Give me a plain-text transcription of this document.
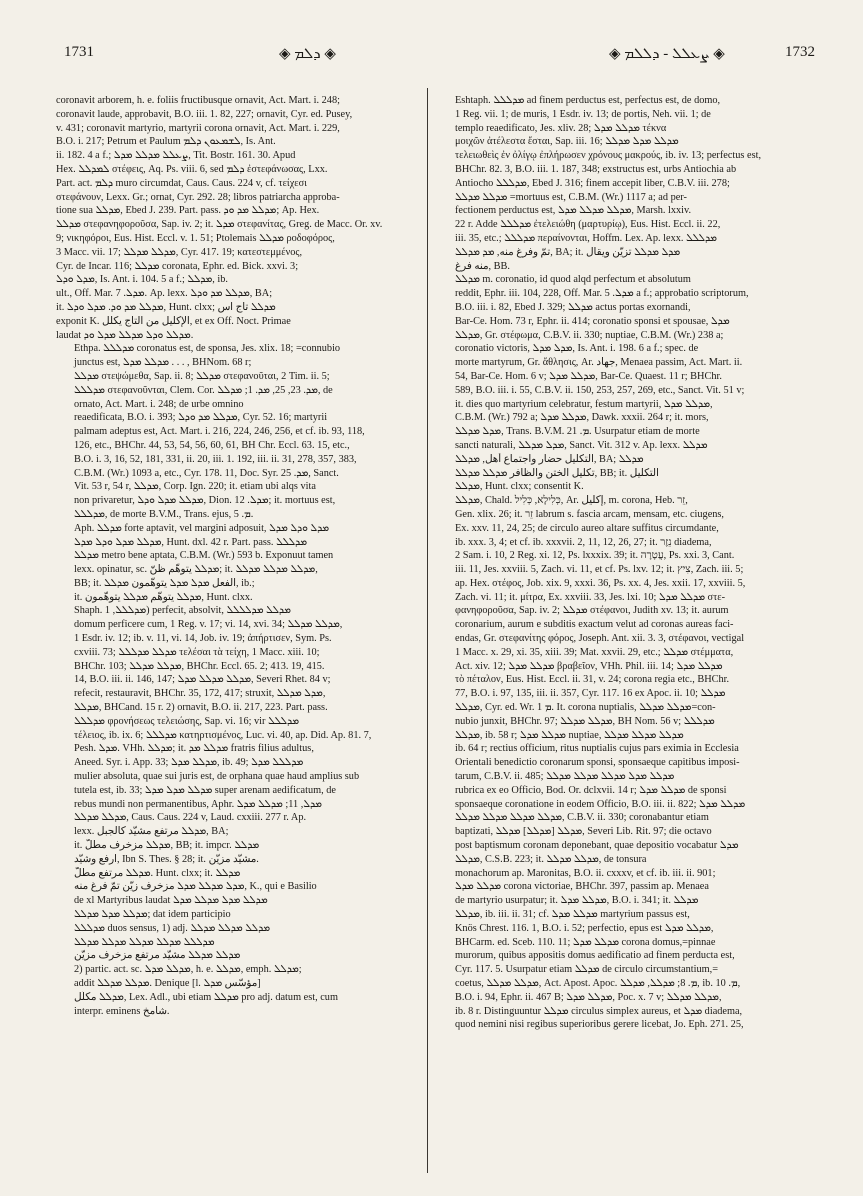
1731	◈ ܕܠܡ ◈	◈ ܨܥܠܠ - ܕܠܠܡ ◈	1732
coronavit arborem, h. e. foliis fructibusque ornavit, Act. Mart. i. 248;
coronavit laude, approbavit, B.O. iii. 1. 82, 227; ornavit, Cyr. ed. Pusey,
v. 431; coronavit martyrio, martyrii corona ornavit, Act. Mart. i. 229,
B.O. i. 217; Petrum et Paulum ܠܫܡܥܘܢ ܕܠܡ, Is. Ant.
ii. 182. 4 a f.; ܨܥܠܠ ܡܕܠܠ ܡܕܠ, Tit. Bostr. 161. 30. Apud
Hex. ܠܡܕܠܠ στέφεις, Aq. Ps. viii. 6, sed ܕܠܡ ἐστεφάνωσας, Lxx.
Part. act. ܕܠܡ muro circumdat, Caus. Caus. 224 v, cf. τείχεσι
στεφάνουν, Lexx. Gr.; ornat, Cyr. 292. 28; libros patriarcha approba-
tione sua ܡܕܠܠ, Ebed J. 239. Part. pass. ܡܕܠܠ ܡܕ ܘܕ; Ap. Hex.
ܡܕܠܠ στεφανηφοροῦσα, Sap. iv. 2; it. ܡܕܠ στεφανίτας, Greg. de Macc. Or. xv.
9; νικηφόροι, Eus. Hist. Eccl. v. 1. 51; Ptolemais ܡܕܠܠ ροδοφόρος,
3 Macc. vii. 17; ܡܕܠܠ ܡܕܠܠ, Cyr. 417. 19; κατεστεμμένος,
Cyr. de Incar. 116; ܡܕܠܠ coronata, Ephr. ed. Bick. xxvi. 3;
ܡܕܠ ܘܕܠ, Is. Ant. i. 104. 5 a f.; ܡܕܠܠ, ib.
ult., Off. Mar. ܡܕܠ. 7. Ap. lexx. ܡܕܠܠ ܡܕ ܘܕܠ, BA;
it. ܡܕܠܠ ܡܕ ܘܕ. ܡܕܠ ܘܕܠ, Hunt. clxx; ܡܕܠܠ تاج اس
exponit K. الإكليل من التاج يكلل, et ex Off. Noct. Primae
laudat ܡܕܠܠ ܘܕܠ ܡܕܠܠ ܡܕܠ ܘܕ.
Ethpa. ܡܕܠܠܠ coronatus est, de sponsa, Jes. xlix. 18; =connubio
junctus est, ܡܕܠܠ ܡܕܠ . . . , BHNom. 68 r;
ܡܕܠܠ στεψώμεθα, Sap. ii. 8; ܡܕܠܠ στεφανοῦται, 2 Tim. ii. 5;
ܡܕܠܠܠ στεφανοῦνται, Clem. Cor. ܡܕ. 23, 25, ܡܕ. 1; ܡܕܠܠ, de
ornato, Act. Mart. i. 248; de urbe omnino
reaedificata, B.O. i. 393; ܡܕܠܠ ܡܕ ܘܕܠ, Cyr. 52. 16; martyrii
palmam adeptus est, Act. Mart. i. 216, 224, 246, 256, et cf. ib. 93, 118,
126, etc., BHChr. 44, 53, 54, 56, 60, 61, BH Chr. Eccl. 63. 15, etc.,
B.O. i. 3, 16, 52, 181, 331, ii. 20, iii. 1. 192, iii. ii. 31, 278, 357, 383,
C.B.M. (Wr.) 1093 a, etc., Cyr. 178. 11, Doc. Syr. ܡܕ. 25, Sanct.
Vit. 53 r, 54 r, ܡܕܠܠ, Corp. Ign. 220; it. etiam ubi alqs vita
non privaretur, ܡܕܠܠ ܡܕܠ ܘܕܠ, Dion. ܡܕܠ. 12; it. mortuus est,
ܡܕܠܠܠ, de morte B.V.M., Trans. ejus, ܡ. 5.
Aph. ܡܕܠܠ forte aptavit, vel margini adposuit, ܡܕܠ ܘܕܠ ܡܕܠ
ܡܕܠܠ ܡܕܠ ܘܕܠ ܡܕܠ, Hunt. dxl. 42 r. Part. pass. ܡܕܠܠܠ
ܡܕܠܠ metro bene aptata, C.B.M. (Wr.) 593 b. Exponuut tamen
lexx. opinatur, sc. ܡܕܠܠ يتوهّم ظنّ; it. ܡܕܠܠ ܡܕܠܠ ܡܕܠܠ,
BB; it. الفعل ܡܕܠ ܡܕܠ يتوهّمون ܡܕܠܠ, ib.;
it. ܡܕܠܠ يتوهّم ܡܕܠܠ يتوهّمون, Hunt. clxx.
Shaph. ܡܕܠܠܠ, 1) perfecit, absolvit, ܡܕܠܠ ܡܕܠܠܠܠ
domum perficere cum, 1 Reg. v. 17; vi. 14, xvi. 34; ܡܕܠܠ ܡܕܠܠ,
1 Esdr. iv. 12; ib. v. 11, vi. 14, Job. iv. 19; ἀπήρτισεν, Sym. Ps.
cxviii. 73; ܡܕܠܠ ܡܕܠܠܠ τελέσαι τὰ τείχη, 1 Macc. xiii. 10;
BHChr. 103; ܡܕܠܠ ܡܕܠܠ, BHChr. Eccl. 65. 2; 413. 19, 415.
14, B.O. iii. ii. 146, 147; ܡܕܠܠ ܡܕܠܠ ܡܕܠ, Severi Rhet. 84 v;
refecit, restauravit, BHChr. 35, 172, 417; struxit, ܡܕܠ ܡܕܠܠ,
ܡܕܠܠ, BHCand. 15 r. 2) ornavit, B.O. ii. 217, 223. Part. pass.
ܡܕܠܠܠ φρονήσεως τελειώσης, Sap. vi. 16; vir ܡܕܠܠܠ
τέλειος, ib. ix. 6; ܡܕܠܠܠ κατηρτισμένος, Luc. vi. 40, ap. Did. Ap. 81. 7,
Pesh. ܡܕܠ. VHh. ܡܕܠܠ; it. ܡܕܠܠ ܡܕ fratris filius adultus,
Aneed. Syr. i. App. 33; ܡܕܠܠ ܡܕܠ, ib. 49; ܡܕܠܠܠ ܡܕܠ
mulier absoluta, quae sui juris est, de orphana quae haud amplius sub
tutela est, ib. 33; ܡܕܠܠ ܡܕܠ ܡܕܠ super arenam aedificatum, de
rebus mundi non permanentibus, Aphr. ܡܕܠ, 11; ܡܕܠܠ ܡܕܠ
ܡܕܠܠ ܡܕܠܠ, Caus. Caus. 224 v, Laud. cxxiii. 277 r. Ap.
lexx. ܡܕܠܠ مرتفع مشيّد كالجبل, BA;
it. ܡܕܠܠ مزخرف مطلّ, BB; it. impcr. ܡܕܠܠ
ارفع وشيّد, Ibn S. Thes. § 28; it. مشيّد مزيّن.
ܡܕܠܠ مرتفع مطلّ. Hunt. clxx; it. ܡܕܠܠ
ܡܕܠ ܡܕܠܠ ܡܕܠ مزخرف زيّن تمّ فرغ منه, K., qui e Basilio
de xl Martyribus laudat ܡܕܠܠ ܡܕܠ ܡܕܠܠ ܡܕܠ
ܡܕܠܠ ܡܕܠ ܡܕܠܠ; dat idem participio
ܡܕܠܠܠ duos sensus, 1) adj. ܡܕܠܠ ܡܕܠܠ ܡܕܠܠ
ܡܕܠܠܠ ܡܕܠܠ ܡܕܠܠ ܡܕܠܠ ܡܕܠܠ
ܡܕܠܠ ܡܕܠܠ مشيّد مرتفع مزخرف مزيّن
2) partic. act. sc. ܡܕܠܠ ܡܕܠ, h. e. ܡܕܠܠ, emph. ܡܕܠܠ;
addit ܡܕܠܠ ܡܕܠܠ. Denique [l. مؤسّس ܡܕܠ]
ܡܕܠܠ مكلّل, Lex. Adl., ubi etiam ܡܕܠܠ pro adj. datum est, cum
interpr. eminens شامخ.
Eshtaph. ܡܕܠܠܠ ad finem perductus est, perfectus est, de domo,
1 Reg. vii. 1; de muris, 1 Esdr. iv. 13; de portis, Neh. vii. 1; de
templo reaedificato, Jes. xliv. 28; ܡܕܠܠ ܡܕܠ τέκνα
μοιχῶν ἀτέλεστα ἔσται, Sap. iii. 16; ܡܕܠܠ ܡܕܠ ܡܕܠܠ
τελειωθεὶς ἐν ὀλίγῳ ἐπλήρωσεν χρόνους μακρούς, ib. iv. 13; perfectus est,
BHChr. 82. 3, B.O. iii. 1. 187, 348; exstructus est, urbs Antiochia ab
Antiocho ܡܕܠܠܠ, Ebed J. 316; finem accepit liber, C.B.V. iii. 278;
ܡܕܠܠ ܡܕܠܠ =mortuus est, C.B.M. (Wr.) 1117 a; ad per-
fectionem perductus est, ܡܕܠܠ ܡܕܠܠ ܡܕܠ, Marsh. lxxiv.
22 r. Adde ܡܕܠܠܠ ἐτελειώθη (μαρτυρίῳ), Eus. Hist. Eccl. ii. 22,
iii. 35, etc.; ܡܕܠܠܠ περαίνονται, Hoffm. Lex. Ap. lexx. ܡܕܠܠܠ
تمّ وفرغ منه, ܡܕ ܡܕܠܠ, BA; it. ܡܕܠ ܡܕܠܠ تزيّن ويقال
منه فرغ, BB.
ܡܕܠܠ m. coronatio, id quod alqd perfectum et absolutum
reddit, Ephr. iii. 104, 228, Off. Mar. ܡܕܠ. 5 a f.; approbatio scriptorum,
B.O. iii. i. 82, Ebed J. 329; ܡܕܠܠ actus portas exornandi,
Bar-Ce. Hom. 73 r, Ephr. ii. 414; coronatio sponsi et spousae, ܡܕܠ
ܡܕܠܠ, Gr. στέφωμα, C.B.V. ii. 330; nuptiae, C.B.M. (Wr.) 238 a;
coronatio victoris, ܡܕܠ ܡܕܠ, Is. Ant. i. 198. 6 a f.; spec. de
morte martyrum, Gr. ἄθλησις, Ar. جهاد, Menaea passim, Act. Mart. ii.
54, Bar-Ce. Hom. 6 v; ܡܕܠܠ ܡܕܠ, Bar-Ce. Quaest. 11 r; BHChr.
589, B.O. iii. i. 55, C.B.V. ii. 150, 253, 257, 269, etc., Sanct. Vit. 51 v;
it. dies quo martyrium celebratur, festum martyrii, ܡܕܠܠ ܡܕܠ,
C.B.M. (Wr.) 792 a; ܡܕܠܠ ܡܕܠ, Dawk. xxxii. 264 r; it. mors,
ܡܕܠ ܡܕܠܠ, Trans. B.V.M. ܡ. 21. Usurpatur etiam de morte
sancti naturali, ܡܕܠ ܡܕܠܠ, Sanct. Vit. 312 v. Ap. lexx. ܡܕܠܠ
التكليل حضار واجتماع أهل, ܡܕܠܠ, BA; ܡܕܠܠ
تكليل الختن والظافر ܡܕܠܠ ܡܕܠܠ, BB; it. التكليل
ܡܕܠܠ, Hunt. clxx; consentit K.
ܡܕܠܠ, Chald. כְּלִילָא, כְּלִיל, Ar. إكليل, m. corona, Heb. זֵר,
Gen. xlix. 26; it. זֵר labrum s. fascia arcam, mensam, etc. ciugens,
Ex. xxv. 11, 24, 25; de circulo aureo altare suffitus circumdante,
ib. xxx. 3, 4; et cf. ib. xxxvii. 2, 11, 12, 26, 27; it. נֵזֶר diadema,
2 Sam. i. 10, 2 Reg. xi. 12, Ps. lxxxix. 39; it. עֲטָרָה, Ps. xxi. 3, Cant.
iii. 11, Jes. xxviii. 5, Zach. vi. 11, et cf. Ps. lxv. 12; it. צִיץ, Zach. iii. 5;
ap. Hex. στέφος, Job. xix. 9, xxxi. 36, Ps. xx. 4, Jes. xxii. 17, xxviii. 5,
Zach. vi. 11; it. μίτρα, Ex. xxviii. 33, Jes. lxi. 10; ܡܕܠܠ ܡܕܠ στε-
φανηφοροῦσα, Sap. iv. 2; ܡܕܠܠ στέφανοι, Judith xv. 13; it. aurum
coronarium, aurum e subditis exactum velut ad coronas aureas faci-
endas, Gr. στεφανίτης φόρος, Joseph. Ant. xii. 3. 3, στέφανοι, vectigal
1 Macc. x. 29, xi. 35, xiii. 39; Mat. xxvii. 29, etc.; ܡܕܠܠ στέμματα,
Act. xiv. 12; ܡܕܠܠ ܡܕܠ βραβεῖον, VHh. Phil. iii. 14; ܡܕܠܠ ܡܕܠ
τὸ πέταλον, Eus. Hist. Eccl. ii. 31, v. 24; corona regia etc., BHChr.
77, B.O. i. 97, 135, iii. ii. 357, Cyr. 117. 16 ex Apoc. ii. 10; ܡܕܠܠ
ܡܕܠܠ, Cyr. ed. Wr. ܡ 1. It. corona nuptialis, ܡܕܠܠ ܡܕܠܠ=con-
nubio junxit, BHChr. 97; ܡܕܠܠ ܡܕܠܠ, BH Nom. 56 v; ܡܕܠܠܠ
ܡܕܠܠ, ib. 58 r; ܡܕܠܠ ܡܕܠ nuptiae, ܡܕܠܠ ܡܕܠܠ ܡܕܠܠ
ib. 64 r; rectius officium, ritus nuptialis cujus pars eximia in Ecclesia
Orientali benedictio coronarum sponsi, sponsaeque capitibus imposi-
tarum, C.B.V. ii. 485; ܡܕܠܠ ܡܕܠ ܡܕܠܠ ܡܕܠܠ ܡܕܠܠ
rubrica ex eo Officio, Bod. Or. dclxvii. 14 r; ܡܕܠܠ ܡܕܠ de sponsi
sponsaeque coronatione in eodem Officio, B.O. iii. ii. 822; ܡܕܠܠ ܡܕܠ
ܡܕܠܠ ܡܕܠܠ ܡܕܠܠ ܡܕܠܠ, C.B.V. ii. 330; coronabantur etiam
baptizati, ܡܕܠܠ [ܡܕܠܠ] ܡܕܠܠ, Severi Lib. Rit. 97; die octavo
post baptismum coronam deponebant, quae depositio vocabatur ܡܕܠ
ܡܕܠܠ, C.S.B. 223; it. ܡܕܠܠ ܡܕܠܠ, de tonsura
monachorum ap. Maronitas, B.O. ii. cxxxv, et cf. ib. iii. ii. 901;
ܡܕܠܠ ܡܕܠ corona victoriae, BHChr. 397, passim ap. Menaea
de martyrio usurpatur; it. ܡܕܠܠ ܡܕܠ, B.O. i. 341; it. ܡܕܠܠ
ܡܕܠܠ, ib. iii. ii. 31; cf. ܡܕܠܠ ܡܕܠ martyrium passus est,
Knös Chrest. 116. 1, B.O. i. 52; perfectio, epus est ܡܕܠܠ ܡܕܠ,
BHCarm. ed. Sceb. 110. 11; ܡܕܠܠ ܡܕܠ corona domus,=pinnae
murorum, quibus appositis domus aedificatio ad finem perducta est,
Cyr. 117. 5. Usurpatur etiam ܡܕܠܠ de circulo circumstantium,=
coetus, ܡܕܠܠ ܡܕܠܠ, Act. Apost. Apoc. ܡ. 8; ܡܕܠܠ, ܡܕܠܠ, ib. ܡ. 10,
B.O. i. 94, Ephr. ii. 467 B; ܡܕܠܠ ܡܕܠ, Poc. x. 7 v; ܡܕܠܠ ܡܕܠܠ,
ib. 8 r. Distinguuntur ܡܕܠܠ circulus simplex aureus, et ܡܕܠ diadema,
quod nemini nisi regibus superioribus gerere licebat, Jo. Eph. 271. 25,
